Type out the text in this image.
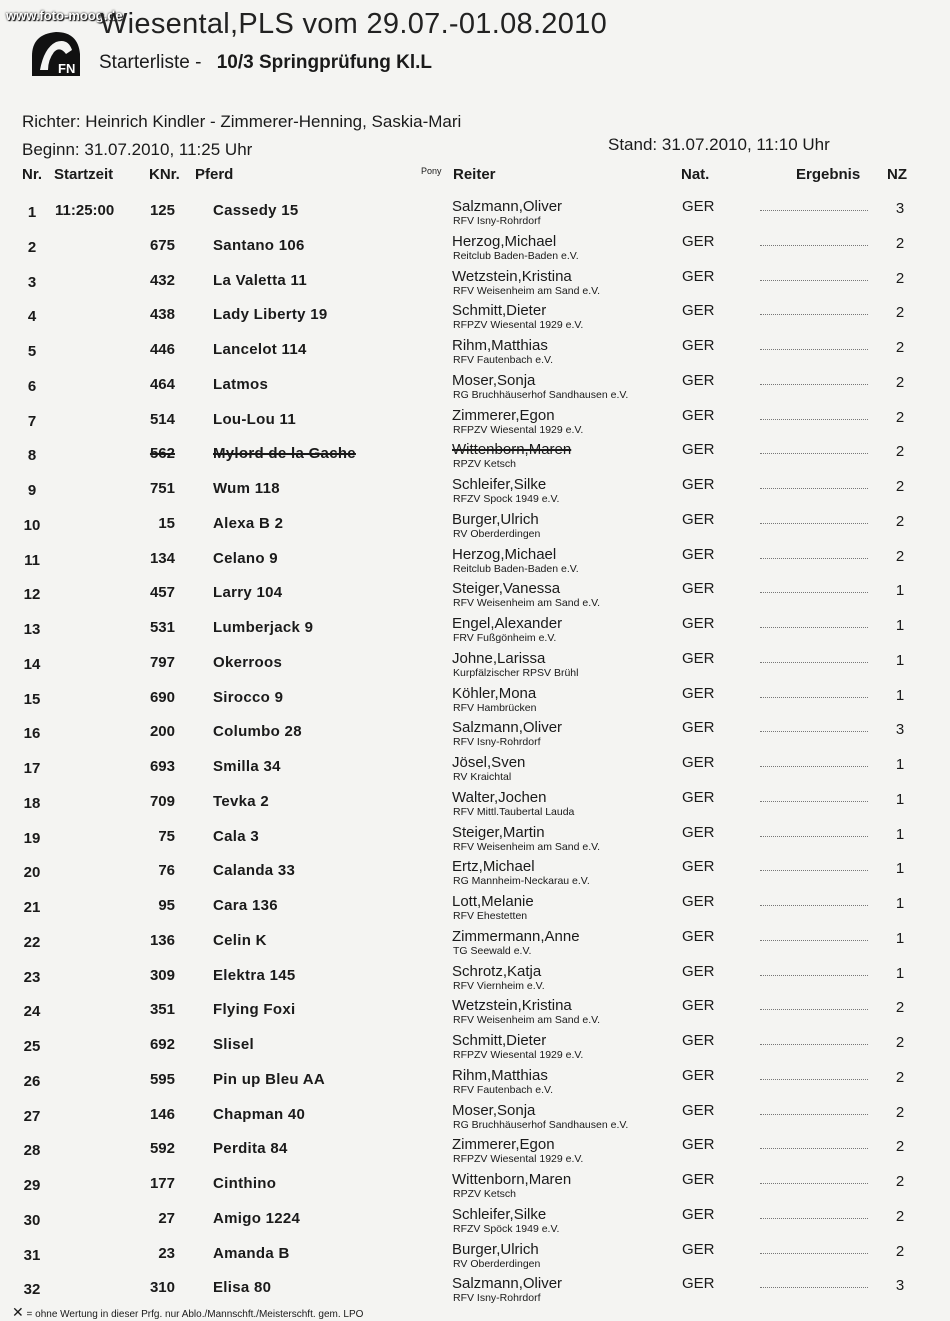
www.foto-moog.de
FN
Wiesental,PLS vom 29.07.-01.08.2010
Starterliste - 10/3 Springprüfung Kl.L
Richter: Heinrich Kindler - Zimmerer-Henning, Saskia-Mari
Beginn: 31.07.2010, 11:25 Uhr	Stand: 31.07.2010, 11:10 Uhr
Nr. Startzeit KNr. Pferd	Pony Reiter	Nat.	Ergebnis NZ
1	11:25:00	125	Cassedy 15	Salzmann,Oliver
RFV Isny-Rohrdorf
GER	3
2	675	Santano 106	Herzog,Michael
Reitclub Baden-Baden e.V.
GER	2
3	432	La Valetta 11	Wetzstein,Kristina
RFV Weisenheim am Sand e.V.
GER	2
4	438	Lady Liberty 19	Schmitt,Dieter
RFPZV Wiesental 1929 e.V.
GER	2
5	446	Lancelot 114	Rihm,Matthias
RFV Fautenbach e.V.
GER	2
6	464	Latmos	Moser,Sonja
RG Bruchhäuserhof Sandhausen e.V.
GER	2
7	514	Lou-Lou 11	Zimmerer,Egon
RFPZV Wiesental 1929 e.V.
GER	2
8	562	Mylord de la Gache	Wittenborn,Maren
RPZV Ketsch
GER	2
9	751	Wum 118	Schleifer,Silke
RFZV Spock 1949 e.V.
GER	2
10	15	Alexa B 2	Burger,Ulrich
RV Oberderdingen
GER	2
11	134	Celano 9	Herzog,Michael
Reitclub Baden-Baden e.V.
GER	2
12	457	Larry 104	Steiger,Vanessa
RFV Weisenheim am Sand e.V.
GER	1
13	531	Lumberjack 9	Engel,Alexander
FRV Fußgönheim e.V.
GER	1
14	797	Okerroos	Johne,Larissa
Kurpfälzischer RPSV Brühl
GER	1
15	690	Sirocco 9	Köhler,Mona
RFV Hambrücken
GER	1
16	200	Columbo 28	Salzmann,Oliver
RFV Isny-Rohrdorf
GER	3
17	693	Smilla 34	Jösel,Sven
RV Kraichtal
GER	1
18	709	Tevka 2	Walter,Jochen
RFV Mittl.Taubertal Lauda
GER	1
19	75	Cala 3	Steiger,Martin
RFV Weisenheim am Sand e.V.
GER	1
20	76	Calanda 33	Ertz,Michael
RG Mannheim-Neckarau e.V.
GER	1
21	95	Cara 136	Lott,Melanie
RFV Ehestetten
GER	1
22	136	Celin K	Zimmermann,Anne
TG Seewald e.V.
GER	1
23	309	Elektra 145	Schrotz,Katja
RFV Viernheim e.V.
GER	1
24	351	Flying Foxi	Wetzstein,Kristina
RFV Weisenheim am Sand e.V.
GER	2
25	692	Slisel	Schmitt,Dieter
RFPZV Wiesental 1929 e.V.
GER	2
26	595	Pin up Bleu AA	Rihm,Matthias
RFV Fautenbach e.V.
GER	2
27	146	Chapman 40	Moser,Sonja
RG Bruchhäuserhof Sandhausen e.V.
GER	2
28	592	Perdita 84	Zimmerer,Egon
RFPZV Wiesental 1929 e.V.
GER	2
29	177	Cinthino	Wittenborn,Maren
RPZV Ketsch
GER	2
30	27	Amigo 1224	Schleifer,Silke
RFZV Spöck 1949 e.V.
GER	2
31	23	Amanda B	Burger,Ulrich
RV Oberderdingen
GER	2
32	310	Elisa 80	Salzmann,Oliver
RFV Isny-Rohrdorf
GER	3
✕ = ohne Wertung in dieser Prfg. nur Ablo./Mannschft./Meisterschft. gem. LPO
